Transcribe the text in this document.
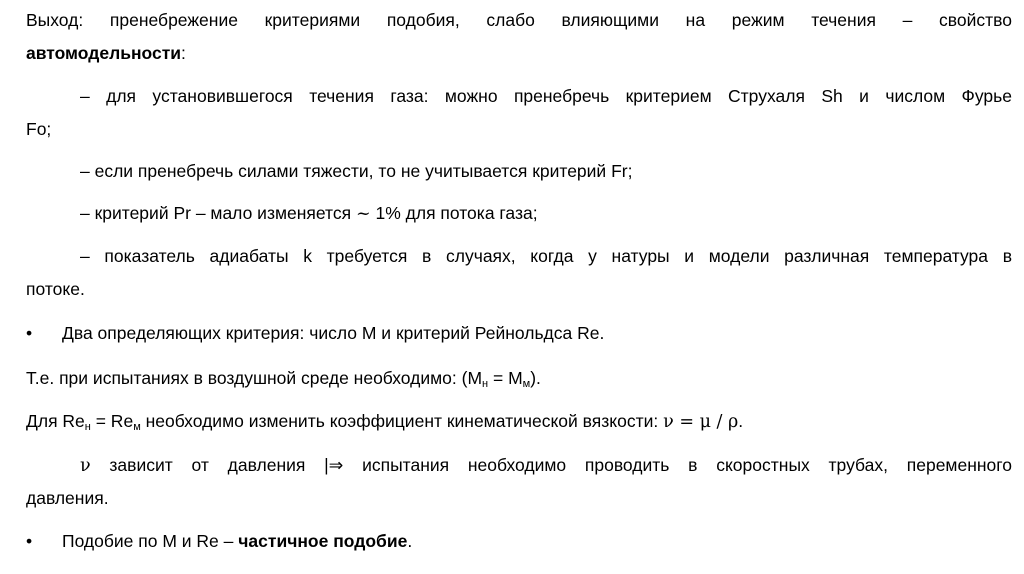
Выход: пренебрежение критериями подобия, слабо влияющими на режим течения – свойство
автомодельности:
– для установившегося течения газа: можно пренебречь критерием Струхаля Sh и числом Фурье
Fo;
– если пренебречь силами тяжести, то не учитывается критерий Fr;
– критерий Pr – мало изменяется ~ 1% для потока газа;
– показатель адиабаты k требуется в случаях, когда у натуры и модели различная температура в
потоке.
• Два определяющих критерия: число М и критерий Рейнольдса Re.
Т.е. при испытаниях в воздушной среде необходимо: $(М_н = М_м)$.
Для $Re_н = Re_м$ необходимо изменить коэффициент кинематической вязкости: ν = μ / ρ.
ν зависит от давления |⇒ испытания необходимо проводить в скоростных трубах, переменного
давления.
• Подобие по М и Re – частичное подобие.
